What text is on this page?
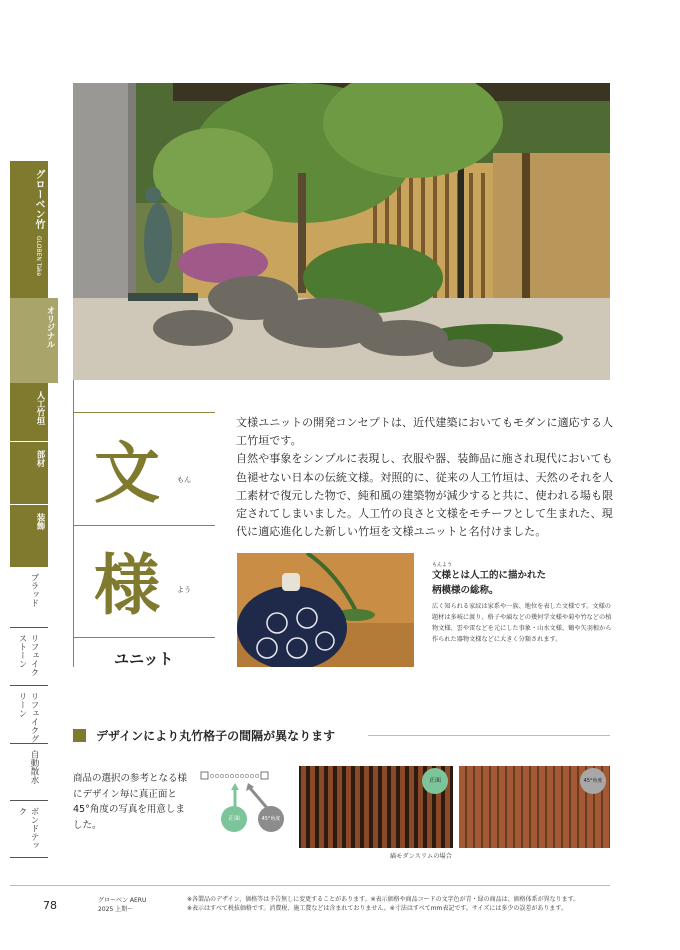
グローベン竹 GLOBEN Take
オリジナル
人工竹垣
部材
装飾
ブラッド
リフェイク ストーン
リフェイクグリーン
自動散水
ボンドテック
文
様
ユニット
もん
よう

文様ユニットの開発コンセプトは、近代建築においてもモダンに適応する人工竹垣です。

自然や事象をシンプルに表現し、衣服や器、装飾品に施され現代においても色褪せない日本の伝統文様。対照的に、従来の人工竹垣は、天然のそれを人工素材で復元した物で、純和風の建築物が減少すると共に、使われる場も限定されてしまいました。人工竹の良さと文様をモチーフとして生まれた、現代に適応進化した新しい竹垣を文様ユニットと名付けました。

もんよう
文様とは人工的に描かれた
柄模様の総称。
広く知られる家紋は家系や一族、地位を表した文様です。文様の題材は多岐に渡り、格子や縞などの幾何学文様や菊や竹などの植物文様、雲や雷などを元にした事象・山水文様、鶴や矢羽根から作られた器物文様などに大きく分類されます。
デザインにより丸竹格子の間隔が異なります
商品の選択の参考となる様にデザイン毎に真正面と45°角度の写真を用意しました。
正面	45°角度
正面	45°角度
縞モダンスリムの場合
78	グローベン AERU
2025 上期～
※各製品のデザイン、価格等は予告無しに変更することがあります。※表示価格や商品コードの文字色が青・緑の商品は、価格体系が異なります。
※表示はすべて税抜価格です。消費税、施工費などは含まれておりません。※寸法はすべてmm表記です。サイズには多少の誤差があります。
